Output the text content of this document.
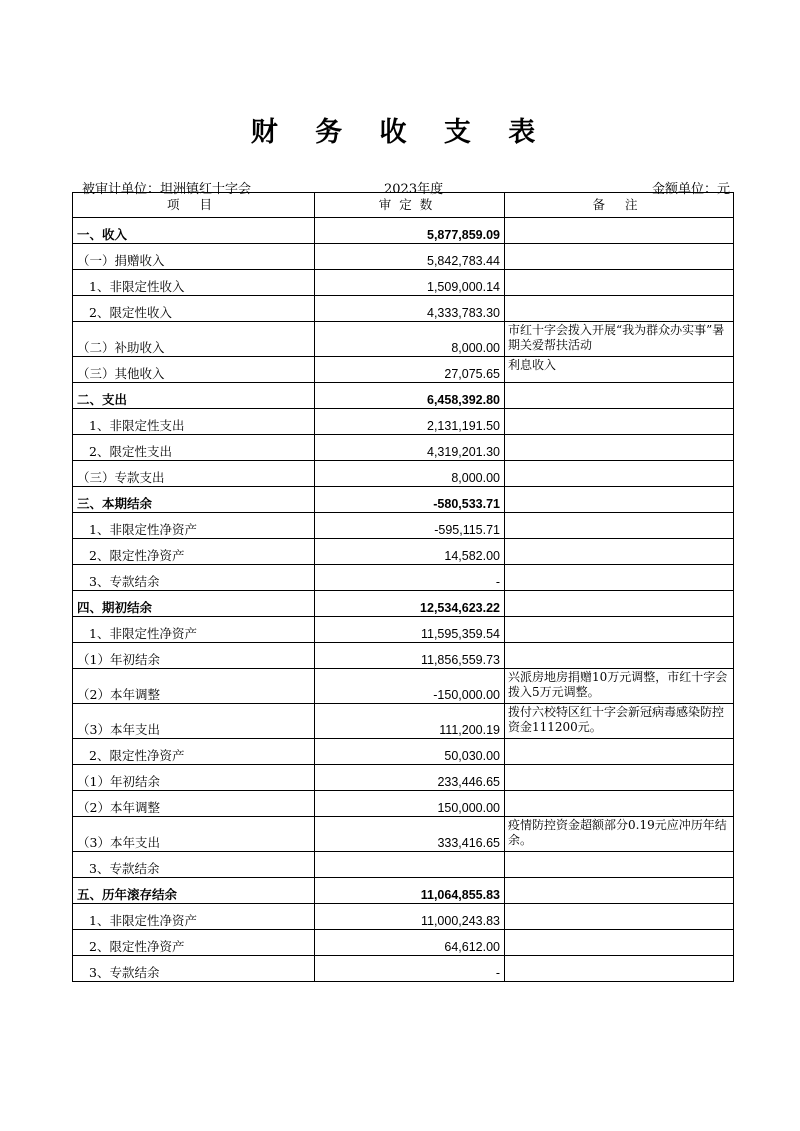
财 务 收 支 表
被审计单位：坦洲镇红十字会	2023年度	金额单位：元
项 目	审定数	备 注
一、收入	5,877,859.09	
（一）捐赠收入	5,842,783.44	
1、非限定性收入	1,509,000.14	
2、限定性收入	4,333,783.30	
（二）补助收入	8,000.00	市红十字会拨入开展“我为群众办实事”暑期关爱帮扶活动
（三）其他收入	27,075.65	利息收入
二、支出	6,458,392.80	
1、非限定性支出	2,131,191.50	
2、限定性支出	4,319,201.30	
（三）专款支出	8,000.00	
三、本期结余	-580,533.71	
1、非限定性净资产	-595,115.71	
2、限定性净资产	14,582.00	
3、专款结余	-	
四、期初结余	12,534,623.22	
1、非限定性净资产	11,595,359.54	
（1）年初结余	11,856,559.73	
（2）本年调整	-150,000.00	兴派房地房捐赠10万元调整，市红十字会拨入5万元调整。
（3）本年支出	111,200.19	拨付六校特区红十字会新冠病毒感染防控资金111200元。
2、限定性净资产	50,030.00	
（1）年初结余	233,446.65	
（2）本年调整	150,000.00	
（3）本年支出	333,416.65	疫情防控资金超额部分0.19元应冲历年结余。
3、专款结余		
五、历年滚存结余	11,064,855.83	
1、非限定性净资产	11,000,243.83	
2、限定性净资产	64,612.00	
3、专款结余	-	
